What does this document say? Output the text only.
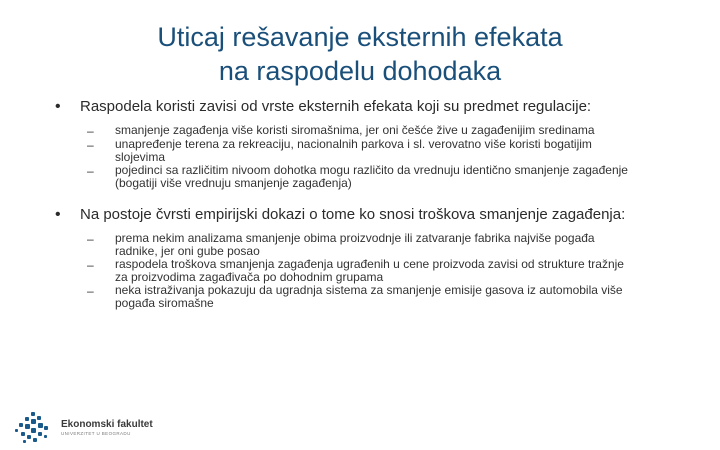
Uticaj rešavanje eksternih efekata
na raspodelu dohodaka
•	Raspodela koristi zavisi od vrste eksternih efekata koji su predmet regulacije:
–	smanjenje zagađenja više koristi siromašnima, jer oni češće žive u zagađenijim sredinama
–	unapređenje terena za rekreaciju, nacionalnih parkova i sl. verovatno više koristi bogatijim slojevima
–	pojedinci sa različitim nivoom dohotka mogu različito da vrednuju identično smanjenje zagađenje (bogatiji više vrednuju smanjenje zagađenja)
•	Na postoje čvrsti empirijski dokazi o tome ko snosi troškova smanjenje zagađenja:
–	prema nekim analizama smanjenje obima proizvodnje ili zatvaranje fabrika najviše pogađa radnike, jer oni gube posao
–	raspodela troškova smanjenja zagađenja ugrađenih u cene proizvoda zavisi od strukture tražnje za proizvodima zagađivača po dohodnim grupama
–	neka istraživanja pokazuju da ugradnja sistema za smanjenje emisije gasova iz automobila više pogađa siromašne
Ekonomski fakultet
UNIVERZITET U BEOGRADU
